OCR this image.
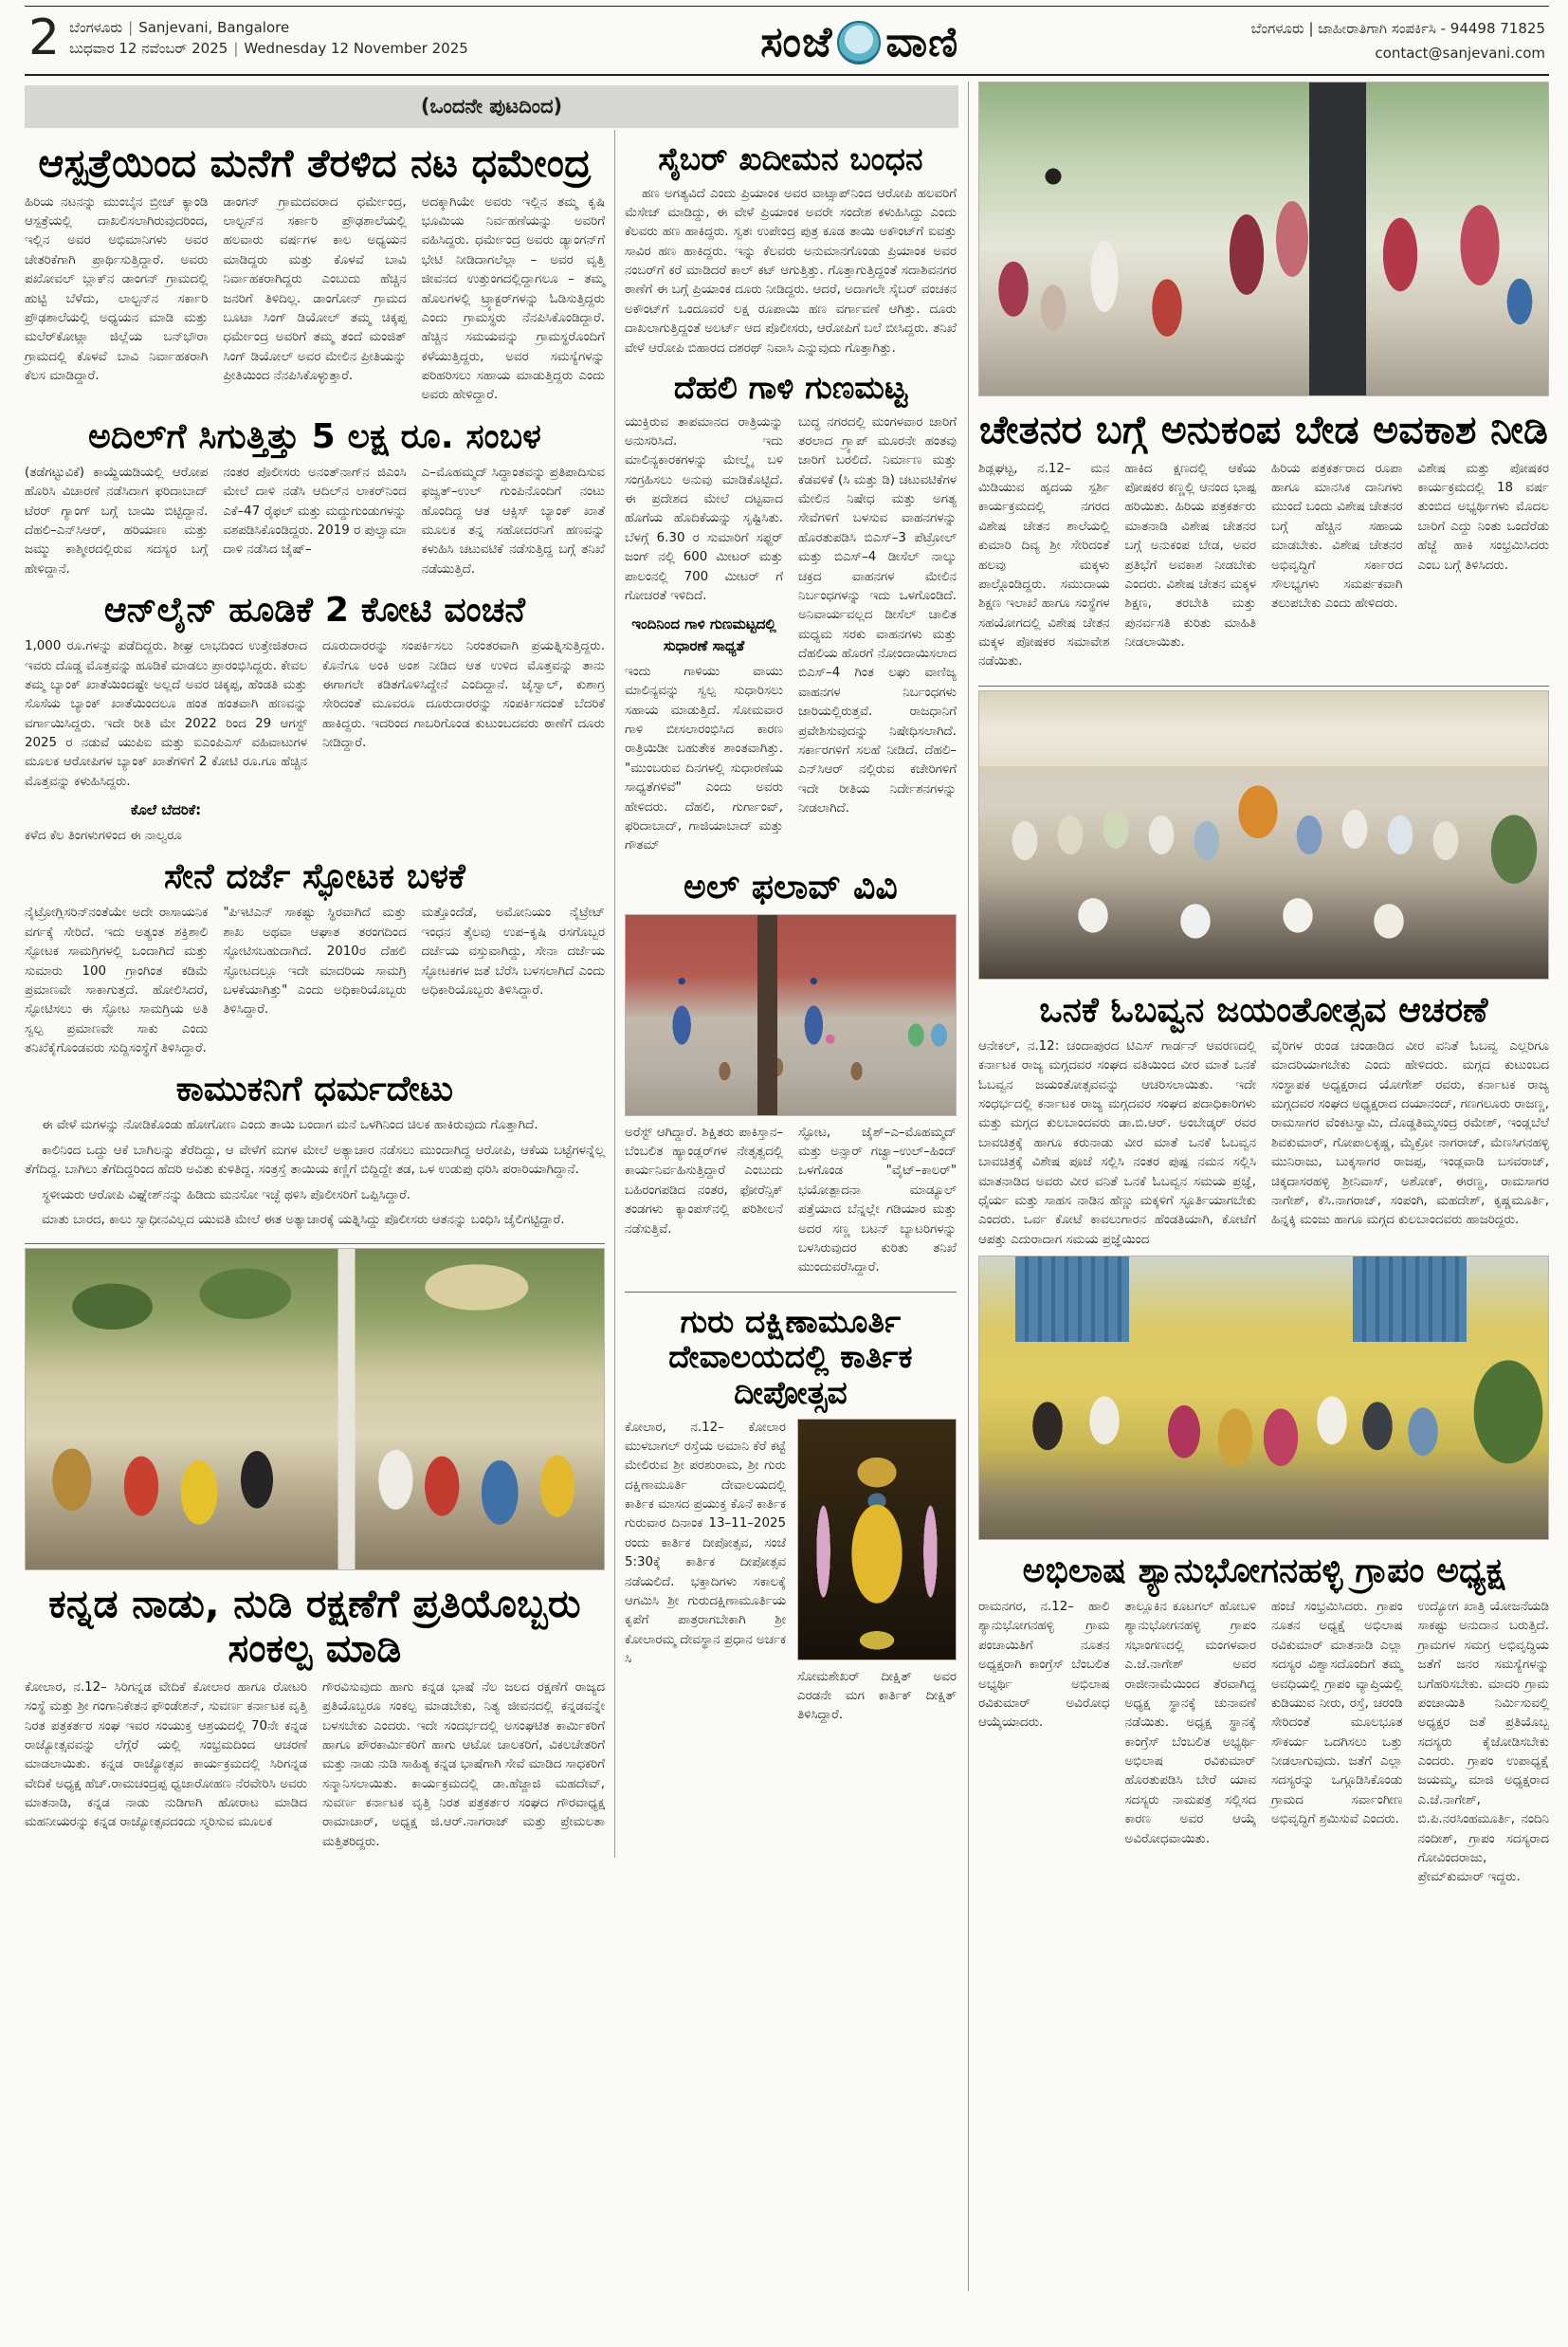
2 ಬೆಂಗಳೂರು | Sanjevani, Bangalore
ಬುಧವಾರ 12 ನವೆಂಬರ್ 2025 | Wednesday 12 November 2025	ಸಂಜೆ ವಾಣಿ	ಬೆಂಗಳೂರು | ಜಾಹೀರಾತಿಗಾಗಿ ಸಂಪರ್ಕಿಸಿ - 94498 71825
contact@sanjevani.com
(ಒಂದನೇ ಪುಟದಿಂದ)
ಆಸ್ಪತ್ರೆಯಿಂದ ಮನೆಗೆ ತೆರಳಿದ ನಟ ಧಮೇಂದ್ರ

ಹಿರಿಯ ನಟನನ್ನು ಮುಂಬೈನ ಬ್ರೀಚ್ ಕ್ಯಾಂಡಿ ಆಸ್ಪತ್ರೆಯಲ್ಲಿ ದಾಖಲಿಸಲಾಗಿರುವುದರಿಂದ, ಇಲ್ಲಿನ ಅವರ ಅಭಿಮಾನಿಗಳು ಅವರ ಚೇತರಿಕೆಗಾಗಿ ಪ್ರಾರ್ಥಿಸುತ್ತಿದ್ದಾರೆ. ಅವರು ಪಖೋವಲ್ ಬ್ಲಾಕ್‌ನ ಡಾಂಗನ್ ಗ್ರಾಮದಲ್ಲಿ ಹುಟ್ಟಿ ಬೆಳೆದು, ಲಾಲ್ಟನ್‌ನ ಸರ್ಕಾರಿ ಪ್ರೌಢಶಾಲೆಯಲ್ಲಿ ಅಧ್ಯಯನ ಮಾಡಿ ಮತ್ತು ಮಲೆರ್‌ಕೋಟ್ಲಾ ಜಿಲ್ಲೆಯ ಬನ್‌ಭೌರಾ ಗ್ರಾಮದಲ್ಲಿ ಕೊಳವೆ ಬಾವಿ ನಿರ್ವಾಹಕರಾಗಿ ಕೆಲಸ ಮಾಡಿದ್ದಾರೆ.

ಡಾಂಗನ್ ಗ್ರಾಮದವರಾದ ಧರ್ಮೇಂದ್ರ, ಲಾಲ್ಟನ್‌ನ ಸರ್ಕಾರಿ ಪ್ರೌಢಶಾಲೆಯಲ್ಲಿ ಹಲವಾರು ವರ್ಷಗಳ ಕಾಲ ಅಧ್ಯಯನ ಮಾಡಿದ್ದರು ಮತ್ತು ಕೊಳವೆ ಬಾವಿ ನಿರ್ವಾಹಕರಾಗಿದ್ದರು ಎಂಬುದು ಹೆಚ್ಚಿನ ಜನರಿಗೆ ತಿಳಿದಿಲ್ಲ. ಡಾಂಗೋನ್ ಗ್ರಾಮದ ಬೂಟಾ ಸಿಂಗ್ ಡಿಯೋಲ್ ತಮ್ಮ ಚಿಕ್ಕಪ್ಪ ಧರ್ಮೇಂದ್ರ ಅವರಿಗೆ ತಮ್ಮ ತಂದೆ ಮಂಜಿತ್ ಸಿಂಗ್ ಡಿಯೋಲ್ ಅವರ ಮೇಲಿನ ಪ್ರೀತಿಯನ್ನು ಪ್ರೀತಿಯಿಂದ ನೆನಪಿಸಿಕೊಳ್ಳುತ್ತಾರೆ.

ಅದಕ್ಕಾಗಿಯೇ ಅವರು ಇಲ್ಲಿನ ತಮ್ಮ ಕೃಷಿ ಭೂಮಿಯ ನಿರ್ವಹಣೆಯನ್ನು ಅವರಿಗೆ ವಹಿಸಿದ್ದರು. ಧರ್ಮೇಂದ್ರ ಅವರು ಡ್ಯಾಂಗನ್‌ಗೆ ಭೇಟಿ ನೀಡಿದಾಗಲೆಲ್ಲಾ – ಅವರ ವೃತ್ತಿ ಜೀವನದ ಉತ್ತುಂಗದಲ್ಲಿದ್ದಾಗಲೂ – ತಮ್ಮ ಹೊಲಗಳಲ್ಲಿ ಟ್ರ್ಯಾಕ್ಟರ್‌ಗಳನ್ನು ಓಡಿಸುತ್ತಿದ್ದರು ಎಂದು ಗ್ರಾಮಸ್ಥರು ನೆನಪಿಸಿಕೊಂಡಿದ್ದಾರೆ. ಹೆಚ್ಚಿನ ಸಮಯವನ್ನು ಗ್ರಾಮಸ್ಥರೊಂದಿಗೆ ಕಳೆಯುತ್ತಿದ್ದರು, ಅವರ ಸಮಸ್ಯೆಗಳನ್ನು ಪರಿಹರಿಸಲು ಸಹಾಯ ಮಾಡುತ್ತಿದ್ದರು ಎಂದು ಅವರು ಹೇಳಿದ್ದಾರೆ.

ಅದಿಲ್‌ಗೆ ಸಿಗುತ್ತಿತ್ತು 5 ಲಕ್ಷ ರೂ. ಸಂಬಳ

(ತಡೆಗಟ್ಟುವಿಕೆ) ಕಾಯ್ದೆಯಡಿಯಲ್ಲಿ ಆರೋಪ ಹೊರಿಸಿ ವಿಚಾರಣೆ ನಡೆಸಿದಾಗ ಫರಿದಾಬಾದ್ ಟೆರರ್ ಗ್ಯಾಂಗ್ ಬಗ್ಗೆ ಬಾಯಿ ಬಿಟ್ಟಿದ್ದಾನೆ. ದೆಹಲಿ–ಎನ್‌ಸಿಆರ್, ಹರಿಯಾಣ ಮತ್ತು ಜಮ್ಮು ಕಾಶ್ಮೀರದಲ್ಲಿರುವ ಸದಸ್ಯರ ಬಗ್ಗೆ ಹೇಳಿದ್ದಾನೆ.

ನಂತರ ಪೊಲೀಸರು ಅನಂತ್‌ನಾಗ್‌ನ ಜಿಎಂಸಿ ಮೇಲೆ ದಾಳಿ ನಡೆಸಿ ಆದಿಲ್‌ನ ಲಾಕರ್‌ನಿಂದ ಎಕೆ–47 ರೈಫಲ್ ಮತ್ತು ಮದ್ದುಗುಂಡುಗಳನ್ನು ವಶಪಡಿಸಿಕೊಂಡಿದ್ದರು. 2019 ರ ಪುಲ್ವಾಮಾ ದಾಳಿ ನಡೆಸಿದ ಜೈಷ್–

ಎ–ಮೊಹಮ್ಮದ್ ಸಿದ್ಧಾಂತವನ್ನು ಪ್ರತಿಪಾದಿಸುವ ಫಜ್ವತ್–ಉಲ್ ಗುಂಪಿನೊಂದಿಗೆ ನಂಟು ಹೊಂದಿದ್ದ ಆತ ಆಕ್ಸಿಸ್ ಬ್ಯಾಂಕ್ ಖಾತೆ ಮೂಲಕ ತನ್ನ ಸಹೋದರನಿಗೆ ಹಣವನ್ನು ಕಳುಹಿಸಿ ಚಟುವಟಿಕೆ ನಡೆಸುತ್ತಿದ್ದ ಬಗ್ಗೆ ತನಿಖೆ ನಡೆಯುತ್ತಿದೆ.

ಆನ್‌ಲೈನ್ ಹೂಡಿಕೆ 2 ಕೋಟಿ ವಂಚನೆ

1,000 ರೂ.ಗಳನ್ನು ಪಡೆದಿದ್ದರು. ಶೀಘ್ರ ಲಾಭದಿಂದ ಉತ್ತೇಜಿತರಾದ ಇವರು ದೊಡ್ಡ ಮೊತ್ತವನ್ನು ಹೂಡಿಕೆ ಮಾಡಲು ಪ್ರಾರಂಭಿಸಿದ್ದರು. ಕೇವಲ ತಮ್ಮ ಬ್ಯಾಂಕ್ ಖಾತೆಯಿಂದಷ್ಟೇ ಅಲ್ಲದೆ ಅವರ ಚಿಕ್ಕಪ್ಪ, ಹೆಂಡತಿ ಮತ್ತು ಸೊಸೆಯ ಬ್ಯಾಂಕ್ ಖಾತೆಯಿಂದಲೂ ಹಂತ ಹಂತವಾಗಿ ಹಣವನ್ನು ವರ್ಗಾಯಿಸಿದ್ದರು. ಇದೇ ರೀತಿ ಮೇ 2022 ರಿಂದ 29 ಆಗಸ್ಟ್ 2025 ರ ನಡುವೆ ಯುಪಿಐ ಮತ್ತು ಐಎಂಪಿಎಸ್ ವಹಿವಾಟುಗಳ ಮೂಲಕ ಆರೋಪಿಗಳ ಬ್ಯಾಂಕ್ ಖಾತೆಗಳಿಗೆ 2 ಕೋಟಿ ರೂ.ಗೂ ಹೆಚ್ಚಿನ ಮೊತ್ತವನ್ನು ಕಳುಹಿಸಿದ್ದರು.

ಕೊಲೆ ಬೆದರಿಕೆ:

ಕಳೆದ ಕೆಲ ತಿಂಗಳುಗಳಿಂದ ಈ ನಾಲ್ವರೂ

ದೂರುದಾರರನ್ನು ಸಂಪರ್ಕಿಸಲು ನಿರಂತರವಾಗಿ ಪ್ರಯತ್ನಿಸುತ್ತಿದ್ದರು. ಕೊನೆಗೂ ಅಂಕಿ ಅಂಶ ನೀಡಿದ ಆತ ಉಳಿದ ಮೊತ್ತವನ್ನು ತಾನು ಈಗಾಗಲೇ ಕಡಿತಗೊಳಿಸಿದ್ದೇನೆ ಎಂದಿದ್ದಾನೆ. ಜೈಸ್ವಾಲ್, ಕುಶಾಗ್ರ ಸೇರಿದಂತೆ ಮೂವರೂ ದೂರುದಾರರನ್ನು ಸಂಪರ್ಕಿಸದಂತೆ ಬೆದರಿಕೆ ಹಾಕಿದ್ದರು. ಇದರಿಂದ ಗಾಬರಿಗೊಂಡ ಕುಟುಂಬದವರು ಠಾಣೆಗೆ ದೂರು ನೀಡಿದ್ದಾರೆ.

ಸೇನೆ ದರ್ಜೆ ಸ್ಫೋಟಕ ಬಳಕೆ

ನೈಟ್ರೋಗ್ಲಿಸರಿನ್‌ನಂತೆಯೇ ಅದೇ ರಾಸಾಯನಿಕ ವರ್ಗಕ್ಕೆ ಸೇರಿದೆ. ಇದು ಅತ್ಯಂತ ಶಕ್ತಿಶಾಲಿ ಸ್ಫೋಟಕ ಸಾಮಗ್ರಿಗಳಲ್ಲಿ ಒಂದಾಗಿದೆ ಮತ್ತು ಸುಮಾರು 100 ಗ್ರಾಂಗಿಂತ ಕಡಿಮೆ ಪ್ರಮಾಣವೇ ಸಾಕಾಗುತ್ತದೆ. ಹೋಲಿಸಿದರೆ, ಸ್ಫೋಟಿಸಲು ಈ ಸ್ಫೋಟ ಸಾಮಗ್ರಿಯ ಅತಿ ಸ್ವಲ್ಪ ಪ್ರಮಾಣವೇ ಸಾಕು ಎಂದು ತನಿಖೆಕೈಗೊಂಡವರು ಸುದ್ದಿಸಂಸ್ಥೆಗೆ ತಿಳಿಸಿದ್ದಾರೆ.

"ಪಿಇಟಿಎನ್ ಸಾಕಷ್ಟು ಸ್ಥಿರವಾಗಿದೆ ಮತ್ತು ಶಾಖ ಅಥವಾ ಆಘಾತ ತರಂಗದಿಂದ ಸ್ಫೋಟಿಸಬಹುದಾಗಿದೆ. 2010ರ ದೆಹಲಿ ಸ್ಫೋಟದಲ್ಲೂ ಇದೇ ಮಾದರಿಯ ಸಾಮಗ್ರಿ ಬಳಕೆಯಾಗಿತ್ತು" ಎಂದು ಅಧಿಕಾರಿಯೊಬ್ಬರು ತಿಳಿಸಿದ್ದಾರೆ.

ಮತ್ತೊಂದೆಡೆ, ಅಮೋನಿಯಂ ನೈಟ್ರೇಟ್ ಇಂಧನ ತೈಲವು ಉಪ–ಕೃಷಿ ರಸಗೊಬ್ಬರ ದರ್ಜೆಯ ವಸ್ತುವಾಗಿದ್ದು, ಸೇನಾ ದರ್ಜೆಯ ಸ್ಫೋಟಕಗಳ ಜತೆ ಬೆರೆಸಿ ಬಳಸಲಾಗಿದೆ ಎಂದು ಅಧಿಕಾರಿಯೊಬ್ಬರು ತಿಳಿಸಿದ್ದಾರೆ.

ಕಾಮುಕನಿಗೆ ಧರ್ಮದೇಟು

ಈ ವೇಳೆ ಮಗಳನ್ನು ನೋಡಿಕೊಂಡು ಹೋಗೋಣ ಎಂದು ತಾಯಿ ಬಂದಾಗ ಮನೆ ಒಳಗಿನಿಂದ ಚಿಲಕ ಹಾಕಿರುವುದು ಗೊತ್ತಾಗಿದೆ.

ಕಾಲಿನಿಂದ ಒದ್ದು ಆಕೆ ಬಾಗಿಲನ್ನು ತೆರೆದಿದ್ದು, ಆ ವೇಳೆಗೆ ಮಗಳ ಮೇಲೆ ಅತ್ಯಾಚಾರ ನಡೆಸಲು ಮುಂದಾಗಿದ್ದ ಆರೋಪಿ, ಆಕೆಯ ಬಟ್ಟೆಗಳನ್ನೆಲ್ಲ ತೆಗೆದಿದ್ದ. ಬಾಗಿಲು ತೆಗೆದಿದ್ದರಿಂದ ಹೆದರಿ ಅವಿತು ಕುಳಿತಿದ್ದ. ಸಂತ್ರಸ್ತೆ ತಾಯಿಯ ಕಣ್ಣಿಗೆ ಬಿದ್ದಿದ್ದೇ ತಡ, ಒಳ ಉಡುಪು ಧರಿಸಿ ಪರಾರಿಯಾಗಿದ್ದಾನೆ.

ಸ್ಥಳೀಯರು ಆರೋಪಿ ವಿಘ್ನೇಶ್‌ನನ್ನು ಹಿಡಿದು ಮನಸೋ ಇಚ್ಛೆ ಥಳಿಸಿ ಪೊಲೀಸರಿಗೆ ಒಪ್ಪಿಸಿದ್ದಾರೆ.

ಮಾತು ಬಾರದ, ಕಾಲು ಸ್ವಾಧೀನವಿಲ್ಲದ ಯುವತಿ ಮೇಲೆ ಈತ ಅತ್ಯಾಚಾರಕ್ಕೆ ಯತ್ನಿಸಿದ್ದು ಪೊಲೀಸರು ಆತನನ್ನು ಬಂಧಿಸಿ ಜೈಲಿಗಟ್ಟಿದ್ದಾರೆ.

ಕನ್ನಡ ನಾಡು, ನುಡಿ ರಕ್ಷಣೆಗೆ ಪ್ರತಿಯೊಬ್ಬರು ಸಂಕಲ್ಪ ಮಾಡಿ

ಕೋಲಾರ, ನ.12– ಸಿರಿಗನ್ನಡ ವೇದಿಕೆ ಕೋಲಾರ ಹಾಗೂ ರೋಟರಿ ಸಂಸ್ಥೆ ಮತ್ತು ಶ್ರೀ ಗಂಗಾನಿಕೇತನ ಫೌಂಡೇಶನ್, ಸುವರ್ಣ ಕರ್ನಾಟಕ ವೃತ್ತಿ ನಿರತ ಪತ್ರಕರ್ತರ ಸಂಘ ಇವರ ಸಂಯುಕ್ತ ಆಶ್ರಯದಲ್ಲಿ 70ನೇ ಕನ್ನಡ ರಾಜ್ಯೋತ್ಸವವನ್ನು ಲೆಗ್ಗೆರೆ ಯಲ್ಲಿ ಸಂಭ್ರಮದಿಂದ ಆಚರಣೆ ಮಾಡಲಾಯಿತು. ಕನ್ನಡ ರಾಜ್ಯೋತ್ಸವ ಕಾರ್ಯಕ್ರಮದಲ್ಲಿ ಸಿರಿಗನ್ನಡ ವೇದಿಕೆ ಅಧ್ಯಕ್ಷ ಹೆಚ್.ರಾಮಚಂದ್ರಪ್ಪ ಧ್ವಜಾರೋಹಣ ನೆರವೇರಿಸಿ ಅವರು ಮಾತನಾಡಿ, ಕನ್ನಡ ನಾಡು ನುಡಿಗಾಗಿ ಹೋರಾಟ ಮಾಡಿದ ಮಹನೀಯರನ್ನು ಕನ್ನಡ ರಾಜ್ಯೋತ್ಸವದಂದು ಸ್ಮರಿಸುವ ಮೂಲಕ

ಗೌರವಿಸುವುದು ಹಾಗು ಕನ್ನಡ ಭಾಷೆ ನೆಲ ಜಲದ ರಕ್ಷಣೆಗೆ ರಾಜ್ಯದ ಪ್ರತಿಯೊಬ್ಬರೂ ಸಂಕಲ್ಪ ಮಾಡಬೇಕು, ನಿತ್ಯ ಜೀವನದಲ್ಲಿ ಕನ್ನಡವನ್ನೇ ಬಳಸಬೇಕು ಎಂದರು. ಇದೇ ಸಂದರ್ಭದಲ್ಲಿ ಅಸಂಘಟಿತ ಕಾರ್ಮಿಕರಿಗೆ ಹಾಗೂ ಪೌರಕಾರ್ಮಿಕರಿಗೆ ಹಾಗು ಆಟೋ ಚಾಲಕರಿಗೆ, ವಿಕಲಚೇತರಿಗೆ ಮತ್ತು ನಾಡು ನುಡಿ ಸಾಹಿತ್ಯ ಕನ್ನಡ ಭಾಷೆಗಾಗಿ ಸೇವೆ ಮಾಡಿದ ಸಾಧಕರಿಗೆ ಸನ್ಮಾನಿಸಲಾಯಿತು. ಕಾರ್ಯಕ್ರಮದಲ್ಲಿ ಡಾ.ಹೆಜ್ಜಾಜಿ ಮಹದೇವ್, ಸುವರ್ಣ ಕರ್ನಾಟಕ ವೃತ್ತಿ ನಿರತ ಪತ್ರಕರ್ತರ ಸಂಘದ ಗೌರವಾಧ್ಯಕ್ಷ ರಾಮಾಚಾರ್, ಅಧ್ಯಕ್ಷ ಜಿ.ಆರ್.ನಾಗರಾಜ್ ಮತ್ತು ಪ್ರೇಮಲತಾ ಮತ್ತಿತರಿದ್ದರು.

ಸೈಬರ್ ಖದೀಮನ ಬಂಧನ

ಹಣ ಅಗತ್ಯವಿದೆ ಎಂದು ಪ್ರಿಯಾಂಕ ಅವರ ವಾಟ್ಸಾಪ್‌ನಿಂದ ಆರೋಪಿ ಹಲವರಿಗೆ ಮೆಸೇಜ್ ಮಾಡಿದ್ದು, ಈ ವೇಳೆ ಪ್ರಿಯಾಂಕ ಅವರೇ ಸಂದೇಶ ಕಳುಹಿಸಿದ್ದು ಎಂದು ಕೆಲವರು ಹಣ ಹಾಕಿದ್ದರು. ಸ್ವತಃ ಉಪೇಂದ್ರ ಪುತ್ರ ಕೂಡ ತಾಯಿ ಅಕೌಂಟ್‌ಗೆ ಐವತ್ತು ಸಾವಿರ ಹಣ ಹಾಕಿದ್ದರು. ಇನ್ನು ಕೆಲವರು ಅನುಮಾನಗೊಂಡು ಪ್ರಿಯಾಂಕ ಅವರ ನಂಬರ್‌ಗೆ ಕರೆ ಮಾಡಿದರೆ ಕಾಲ್ ಕಟ್ ಆಗುತ್ತಿತ್ತು. ಗೊತ್ತಾಗುತ್ತಿದ್ದಂತೆ ಸದಾಶಿವನಗರ ಠಾಣೆಗೆ ಈ ಬಗ್ಗೆ ಪ್ರಿಯಾಂಕ ದೂರು ನೀಡಿದ್ದರು. ಆದರೆ, ಅದಾಗಲೇ ಸೈಬರ್ ವಂಚಕನ ಅಕೌಂಟ್‌ಗೆ ಒಂದೂವರೆ ಲಕ್ಷ ರೂಪಾಯಿ ಹಣ ವರ್ಗಾವಣೆ ಆಗಿತ್ತು. ದೂರು ದಾಖಲಾಗುತ್ತಿದ್ದಂತೆ ಅಲರ್ಟ್ ಆದ ಪೊಲೀಸರು, ಆರೋಪಿಗೆ ಬಲೆ ಬೀಸಿದ್ದರು. ತನಿಖೆ ವೇಳೆ ಆರೋಪಿ ಬಿಹಾರದ ದಶರಥ್ ನಿವಾಸಿ ಎನ್ನುವುದು ಗೊತ್ತಾಗಿತ್ತು.

ದೆಹಲಿ ಗಾಳಿ ಗುಣಮಟ್ಟ

ಯುಕ್ತಿರುವ ತಾಪಮಾನದ ರಾತ್ರಿಯನ್ನು ಅನುಸರಿಸಿದೆ. ಇದು ಮಾಲಿನ್ಯಕಾರಕಗಳನ್ನು ಮೇಲ್ಮೈ ಬಳಿ ಸಂಗ್ರಹಿಸಲು ಅನುವು ಮಾಡಿಕೊಟ್ಟಿದೆ. ಈ ಪ್ರದೇಶದ ಮೇಲೆ ದಟ್ಟವಾದ ಹೊಗೆಯ ಹೊದಿಕೆಯನ್ನು ಸೃಷ್ಟಿಸಿತು. ಬೆಳಗ್ಗೆ 6.30 ರ ಸುಮಾರಿಗೆ ಸಫ್ದರ್ ಜಂಗ್ ನಲ್ಲಿ 600 ಮೀಟರ್ ಮತ್ತು ಪಾಲಂನಲ್ಲಿ 700 ಮೀಟರ್ ಗೆ ಗೋಚರತೆ ಇಳಿದಿದೆ.

ಇಂದಿನಿಂದ ಗಾಳಿ ಗುಣಮಟ್ಟದಲ್ಲಿ ಸುಧಾರಣೆ ಸಾಧ್ಯತೆ

ಇಂದು ಗಾಳಿಯು ವಾಯು ಮಾಲಿನ್ಯವನ್ನು ಸ್ವಲ್ಪ ಸುಧಾರಿಸಲು ಸಹಾಯ ಮಾಡುತ್ತಿದೆ. ಸೋಮವಾರ ಗಾಳಿ ಬೀಸಲಾರಂಭಿಸಿದ ಕಾರಣ ರಾತ್ರಿಯಿಡೀ ಬಹುತೇಕ ಶಾಂತವಾಗಿತ್ತು. "ಮುಂಬರುವ ದಿನಗಳಲ್ಲಿ ಸುಧಾರಣೆಯ ಸಾಧ್ಯತೆಗಳಿವೆ" ಎಂದು ಅವರು ಹೇಳಿದರು. ದೆಹಲಿ, ಗುರ್ಗಾಂವ್, ಫರಿದಾಬಾದ್, ಗಾಜಿಯಾಬಾದ್ ಮತ್ತು ಗೌತಮ್

ಬುದ್ಧ ನಗರದಲ್ಲಿ ಮಂಗಳವಾರ ಜಾರಿಗೆ ತರಲಾದ ಗ್ರ್ಯಾಪ್ ಮೂರನೇ ಹಂತವು ಜಾರಿಗೆ ಬರಲಿದೆ. ನಿರ್ಮಾಣ ಮತ್ತು ಕೆಡವಳಿಕೆ (ಸಿ ಮತ್ತು ಡಿ) ಚಟುವಟಿಕೆಗಳ ಮೇಲಿನ ನಿಷೇಧ ಮತ್ತು ಅಗತ್ಯ ಸೇವೆಗಳಿಗೆ ಬಳಸುವ ವಾಹನಗಳನ್ನು ಹೊರತುಪಡಿಸಿ ಬಿಎಸ್–3 ಪೆಟ್ರೋಲ್ ಮತ್ತು ಬಿಎಸ್–4 ಡೀಸೆಲ್ ನಾಲ್ಕು ಚಕ್ರದ ವಾಹನಗಳ ಮೇಲಿನ ನಿರ್ಬಂಧಗಳನ್ನು ಇದು ಒಳಗೊಂಡಿದೆ. ಅನಿವಾರ್ಯವಲ್ಲದ ಡೀಸೆಲ್ ಚಾಲಿತ ಮಧ್ಯಮ ಸರಕು ವಾಹನಗಳು ಮತ್ತು ದೆಹಲಿಯ ಹೊರಗೆ ನೋಂದಾಯಿಸಲಾದ ಬಿಎಸ್–4 ಗಿಂತ ಲಘು ವಾಣಿಜ್ಯ ವಾಹನಗಳ ನಿರ್ಬಂಧಗಳು ಜಾರಿಯಲ್ಲಿರುತ್ತವೆ. ರಾಜಧಾನಿಗೆ ಪ್ರವೇಶಿಸುವುದನ್ನು ನಿಷೇಧಿಸಲಾಗಿದೆ. ಸರ್ಕಾರಗಳಿಗೆ ಸಲಹೆ ನೀಡಿದೆ. ದೆಹಲಿ–ಎನ್‌ಸಿಆರ್ ನಲ್ಲಿರುವ ಕಚೇರಿಗಳಿಗೆ ಇದೇ ರೀತಿಯ ನಿರ್ದೇಶನಗಳನ್ನು ನೀಡಲಾಗಿದೆ.

ಅಲ್ ಫಲಾವ್ ವಿವಿ

ಅರೆಸ್ಟ್ ಆಗಿದ್ದಾರೆ. ಶಿಕ್ಷಿತರು ಪಾಕಿಸ್ತಾನ–ಬೆಂಬಲಿತ ಹ್ಯಾಂಡ್ಲರ್‌ಗಳ ನೇತೃತ್ವದಲ್ಲಿ ಕಾರ್ಯನಿರ್ವಹಿಸುತ್ತಿದ್ದಾರೆ ಎಂಬುದು ಬಹಿರಂಗಪಡಿದ ನಂತರ, ಫೋರೆನ್ಸಿಕ್ ತಂಡಗಳು ಕ್ಯಾಂಪಸ್‌ನಲ್ಲಿ ಪರಿಶೀಲನೆ ನಡೆಸುತ್ತಿವೆ.

ಸ್ಫೋಟ, ಜೈಶ್–ಎ–ಮೊಹಮ್ಮದ್ ಮತ್ತು ಅನ್ಸಾರ್ ಗಜ್ವಾ–ಉಲ್–ಹಿಂದ್ ಒಳಗೊಂಡ "ವೈಟ್–ಕಾಲರ್" ಭಯೋತ್ಪಾದನಾ ಮಾಡ್ಯೂಲ್ ಪತ್ತೆಯಾದ ಬೆನ್ನಲ್ಲೇ ಗಡಿಯಾರ ಮತ್ತು ಅದರ ಸಣ್ಣ ಬಟನ್ ಬ್ಯಾಟರಿಗಳನ್ನು ಬಳಸಿರುವುದರ ಕುರಿತು ತನಿಖೆ ಮುಂದುವರೆಸಿದ್ದಾರೆ.

ಗುರು ದಕ್ಷಿಣಾಮೂರ್ತಿ ದೇವಾಲಯದಲ್ಲಿ ಕಾರ್ತಿಕ ದೀಪೋತ್ಸವ

ಕೋಲಾರ, ನ.12– ಕೋಲಾರ ಮುಳಬಾಗಲ್ ರಸ್ತೆಯ ಅಮಾನಿ ಕೆರೆ ಕಟ್ಟೆ ಮೇಲಿರುವ ಶ್ರೀ ಪರಶುರಾಮ, ಶ್ರೀ ಗುರು ದಕ್ಷಿಣಾಮೂರ್ತಿ ದೇವಾಲಯದಲ್ಲಿ ಕಾರ್ತಿಕ ಮಾಸದ ಪ್ರಯುಕ್ತ ಕೊನೆ ಕಾರ್ತಿಕ ಗುರುವಾರ ದಿನಾಂಕ 13–11–2025 ರಂದು ಕಾರ್ತಿಕ ದೀಪೋತ್ಸವ, ಸಂಜೆ 5:30ಕ್ಕೆ ಕಾರ್ತಿಕ ದೀಪೋತ್ಸವ ನಡೆಯಲಿದೆ. ಭಕ್ತಾದಿಗಳು ಸಕಾಲಕ್ಕೆ ಆಗಮಿಸಿ ಶ್ರೀ ಗುರುದಕ್ಷಿಣಾಮೂರ್ತಿಯ ಕೃಪೆಗೆ ಪಾತ್ರರಾಗಬೇಕಾಗಿ ಶ್ರೀ ಕೋಲಾರಮ್ಮ ದೇವಸ್ಥಾನ ಪ್ರಧಾನ ಅರ್ಚಕ ಸಿ

ಸೋಮಶೇಖರ್ ದೀಕ್ಷಿತ್ ಅವರ ಎರಡನೇ ಮಗ ಕಾರ್ತಿಕ್ ದೀಕ್ಷಿತ್ ತಿಳಿಸಿದ್ದಾರೆ.

ಚೇತನರ ಬಗ್ಗೆ ಅನುಕಂಪ ಬೇಡ ಅವಕಾಶ ನೀಡಿ

ಶಿಡ್ಲಘಟ್ಟ, ನ.12– ಮನ ಮಿಡಿಯುವ ಹೃದಯ ಸ್ಪರ್ಶಿ ಕಾರ್ಯಕ್ರಮದಲ್ಲಿ ನಗರದ ವಿಶೇಷ ಚೇತನ ಶಾಲೆಯಲ್ಲಿ ಕುಮಾರಿ ದಿವ್ಯ ಶ್ರೀ ಸೇರಿದಂತೆ ಹಲವು ಮಕ್ಕಳು ಪಾಲ್ಗೊಂಡಿದ್ದರು. ಸಮುದಾಯ ಶಿಕ್ಷಣ ಇಲಾಖೆ ಹಾಗೂ ಸಂಸ್ಥೆಗಳ ಸಹಯೋಗದಲ್ಲಿ ವಿಶೇಷ ಚೇತನ ಮಕ್ಕಳ ಪೋಷಕರ ಸಮಾವೇಶ ನಡೆಯಿತು.

ಹಾಕಿದ ಕ್ಷಣದಲ್ಲಿ ಆಕೆಯ ಪೋಷಕರ ಕಣ್ಣಲ್ಲಿ ಆನಂದ ಭಾಷ್ಪ ಹರಿಯಿತು. ಹಿರಿಯ ಪತ್ರಕರ್ತರು ಮಾತನಾಡಿ ವಿಶೇಷ ಚೇತನರ ಬಗ್ಗೆ ಅನುಕಂಪ ಬೇಡ, ಅವರ ಪ್ರತಿಭೆಗೆ ಅವಕಾಶ ನೀಡಬೇಕು ಎಂದರು. ವಿಶೇಷ ಚೇತನ ಮಕ್ಕಳ ಶಿಕ್ಷಣ, ತರಬೇತಿ ಮತ್ತು ಪುನರ್ವಸತಿ ಕುರಿತು ಮಾಹಿತಿ ನೀಡಲಾಯಿತು.

ಹಿರಿಯ ಪತ್ರಕರ್ತರಾದ ರೂಪಾ ಹಾಗೂ ಮಾನಸಿಕ ದಾನಿಗಳು ಮುಂದೆ ಬಂದು ವಿಶೇಷ ಚೇತನರ ಬಗ್ಗೆ ಹೆಚ್ಚಿನ ಸಹಾಯ ಮಾಡಬೇಕು. ವಿಶೇಷ ಚೇತನರ ಅಭಿವೃದ್ಧಿಗೆ ಸರ್ಕಾರದ ಸೌಲಭ್ಯಗಳು ಸಮರ್ಪಕವಾಗಿ ತಲುಪಬೇಕು ಎಂದು ಹೇಳಿದರು.

ವಿಶೇಷ ಮತ್ತು ಪೋಷಕರ ಕಾರ್ಯಕ್ರಮದಲ್ಲಿ 18 ವರ್ಷ ತುಂಬಿದ ಅಭ್ಯರ್ಥಿಗಳು ಮೊದಲ ಬಾರಿಗೆ ಎದ್ದು ನಿಂತು ಒಂದೆರೆಡು ಹೆಜ್ಜೆ ಹಾಕಿ ಸಂಭ್ರಮಿಸಿದರು ಎಂಬ ಬಗ್ಗೆ ತಿಳಿಸಿದರು.

ಒನಕೆ ಓಬವ್ವನ ಜಯಂತೋತ್ಸವ ಆಚರಣೆ

ಆನೇಕಲ್, ನ.12: ಚಂದಾಪುರದ ಟಿಎಸ್ ಗಾರ್ಡನ್ ಆವರಣದಲ್ಲಿ ಕರ್ನಾಟಕ ರಾಜ್ಯ ಮಗ್ಗದವರ ಸಂಘದ ವತಿಯಿಂದ ವೀರ ಮಾತೆ ಒನಕೆ ಓಬವ್ವನ ಜಯಂತೋತ್ಸವವನ್ನು ಆಚರಿಸಲಾಯಿತು. ಇದೇ ಸಂಧರ್ಭದಲ್ಲಿ ಕರ್ನಾಟಕ ರಾಜ್ಯ ಮಗ್ಗದವರ ಸಂಘದ ಪದಾಧಿಕಾರಿಗಳು ಮತ್ತು ಮಗ್ಗದ ಕುಲಬಾಂದವರು ಡಾ.ಬಿ.ಆರ್. ಅಂಬೇಡ್ಕರ್ ರವರ ಬಾವಚಿತ್ರಕ್ಕೆ ಹಾಗೂ ಕರುನಾಡು ವೀರ ಮಾತೆ ಒನಕೆ ಓಬವ್ವನ ಬಾವಚಿತ್ರಕ್ಕೆ ವಿಶೇಷ ಪೂಜೆ ಸಲ್ಲಿಸಿ ನಂತರ ಪುಷ್ಪ ನಮನ ಸಲ್ಲಿಸಿ ಮಾತನಾಡಿದ ಅವರು ವೀರ ವನಿತೆ ಒನಕೆ ಓಬವ್ವನ ಸಮಯ ಪ್ರಜ್ಞೆ, ಧೈರ್ಯ ಮತ್ತು ಸಾಹಸ ನಾಡಿನ ಹೆಣ್ಣು ಮಕ್ಕಳಿಗೆ ಸ್ಫೂರ್ತಿಯಾಗಬೇಕು ಎಂದರು. ಒರ್ವ ಕೋಟೆ ಕಾವಲುಗಾರನ ಹೆಂಡತಿಯಾಗಿ, ಕೋಟೆಗೆ ಆಪತ್ತು ಎದುರಾದಾಗ ಸಮಯ ಪ್ರಜ್ಞೆಯಿಂದ

ವೈರಿಗಳ ರುಂಡ ಚಂಡಾಡಿದ ವೀರ ವನಿತೆ ಓಬವ್ವ ಎಲ್ಲರಿಗೂ ಮಾದರಿಯಾಗಬೇಕು ಎಂದು ಹೇಳಿದರು. ಮಗ್ಗದ ಕುಟುಂಬದ ಸಂಸ್ಥಾಪಕ ಅಧ್ಯಕ್ಷರಾದ ಯೋಗೇಶ್ ರವರು, ಕರ್ನಾಟಕ ರಾಜ್ಯ ಮಗ್ಗದವರ ಸಂಘದ ಅಧ್ಯಕ್ಷರಾದ ದಯಾನಂದ್, ಗಣಗಲೂರು ರಾಜಣ್ಣ, ರಾಮಸಾಗರ ವೆಂಕಟಸ್ವಾಮಿ, ದೊಡ್ಡತಿಮ್ಮಸಂದ್ರ ರಮೇಶ್, ಇಂಡ್ಲಬೆಲೆ ಶಿವಕುಮಾರ್, ಗೋಪಾಲಕೃಷ್ಣ, ಮೈಕ್ರೋ ನಾಗರಾಜ್, ಮೆಣಸಿಗನಹಳ್ಳಿ ಮುನಿರಾಜು, ಬುಕ್ಕಸಾಗರ ರಾಜಪ್ಪ, ಇಂಡ್ಲವಾಡಿ ಬಸವರಾಜ್, ಚಿಕ್ಕದಾಸರಹಳ್ಳಿ ಶ್ರೀನಿವಾಸ್, ಅಶೋಕ್, ಈರಣ್ಣ, ರಾಮಸಾಗರ ನಾಗೇಶ್, ಕೆಸಿ.ನಾಗರಾಜ್, ಸಂಪಂಗಿ, ಮಹದೇಶ್, ಕೃಷ್ಣಮೂರ್ತಿ, ಹಿನ್ನಕ್ಕಿ ಮಂಜು ಹಾಗೂ ಮಗ್ಗದ ಕುಲಬಾಂದವರು ಹಾಜರಿದ್ದರು.

ಅಭಿಲಾಷ ಶ್ಯಾನುಭೋಗನಹಳ್ಳಿ ಗ್ರಾಪಂ ಅಧ್ಯಕ್ಷ

ರಾಮನಗರ, ನ.12– ಹಾಲಿ ಶ್ಯಾನುಭೋಗನಹಳ್ಳಿ ಗ್ರಾಮ ಪಂಚಾಯಿತಿಗೆ ನೂತನ ಅಧ್ಯಕ್ಷರಾಗಿ ಕಾಂಗ್ರೆಸ್ ಬೆಂಬಲಿತ ಅಭ್ಯರ್ಥಿ ಅಭಿಲಾಷ ರವಿಕುಮಾರ್ ಅವಿರೋಧ ಆಯ್ಕೆಯಾದರು.

ತಾಲ್ಲೂಕಿನ ಕೂಟಗಲ್ ಹೋಬಳಿ ಶ್ಯಾನುಭೋಗನಹಳ್ಳಿ ಗ್ರಾಪಂ ಸಭಾಂಗಣದಲ್ಲಿ ಮಂಗಳವಾರ ಎ.ಜೆ.ನಾಗೇಶ್ ಅವರ ರಾಜೀನಾಮೆಯಿಂದ ತೆರವಾಗಿದ್ದ ಅಧ್ಯಕ್ಷ ಸ್ಥಾನಕ್ಕೆ ಚುನಾವಣೆ ನಡೆಯಿತು. ಅಧ್ಯಕ್ಷ ಸ್ಥಾನಕ್ಕೆ ಕಾಂಗ್ರೆಸ್ ಬೆಂಬಲಿತ ಅಭ್ಯರ್ಥಿ ಅಭಿಲಾಷ ರವಿಕುಮಾರ್ ಹೊರತುಪಡಿಸಿ ಬೇರೆ ಯಾವ ಸದಸ್ಯರು ನಾಮಪತ್ರ ಸಲ್ಲಿಸದ ಕಾರಣ ಅವರ ಆಯ್ಕೆ ಅವಿರೋಧವಾಯಿತು.

ಹಂಚೆ ಸಂಭ್ರಮಿಸಿದರು. ಗ್ರಾಪಂ ನೂತನ ಅಧ್ಯಕ್ಷೆ ಅಭಿಲಾಷ ರವಿಕುಮಾರ್ ಮಾತನಾಡಿ ಎಲ್ಲಾ ಸದಸ್ಯರ ವಿಶ್ವಾಸದೊಂದಿಗೆ ತಮ್ಮ ಅವಧಿಯಲ್ಲಿ ಗ್ರಾಪಂ ವ್ಯಾಪ್ತಿಯಲ್ಲಿ ಕುಡಿಯುವ ನೀರು, ರಸ್ತೆ, ಚರಂಡಿ ಸೇರಿದಂತೆ ಮೂಲಭೂತ ಸೌಕರ್ಯ ಒದಗಿಸಲು ಒತ್ತು ನೀಡಲಾಗುವುದು. ಜತೆಗೆ ಎಲ್ಲಾ ಸದಸ್ಯರನ್ನು ಒಗ್ಗೂಡಿಸಿಕೊಂಡು ಗ್ರಾಮದ ಸರ್ವಾಂಗೀಣ ಅಭಿವೃದ್ಧಿಗೆ ಶ್ರಮಿಸುವೆ ಎಂದರು.

ಉದ್ಯೋಗ ಖಾತ್ರಿ ಯೋಜನೆಯಡಿ ಸಾಕಷ್ಟು ಅನುದಾನ ಬರುತ್ತಿದೆ. ಗ್ರಾಮಗಳ ಸಮಗ್ರ ಅಭಿವೃದ್ಧಿಯ ಜತೆಗೆ ಜನರ ಸಮಸ್ಯೆಗಳನ್ನು ಬಗೆಹರಿಸಬೇಕು. ಮಾದರಿ ಗ್ರಾಮ ಪಂಚಾಯಿತಿ ನಿರ್ಮಿಸುವಲ್ಲಿ ಅಧ್ಯಕ್ಷರ ಜತೆ ಪ್ರತಿಯೊಬ್ಬ ಸದಸ್ಯರು ಕೈಜೋಡಿಸಬೇಕು ಎಂದರು. ಗ್ರಾಪಂ ಉಪಾಧ್ಯಕ್ಷೆ ಜಯಮ್ಮ, ಮಾಜಿ ಅಧ್ಯಕ್ಷರಾದ ಎ.ಜೆ.ನಾಗೇಶ್, ಬಿ.ಪಿ.ನರಸಿಂಹಮೂರ್ತಿ, ನಂದಿನಿ ನಂದೀಶ್, ಗ್ರಾಪಂ ಸದಸ್ಯರಾದ ಗೋವಿಂದರಾಜು, ಪ್ರೇಮ್‌ಕುಮಾರ್ ಇದ್ದರು.
